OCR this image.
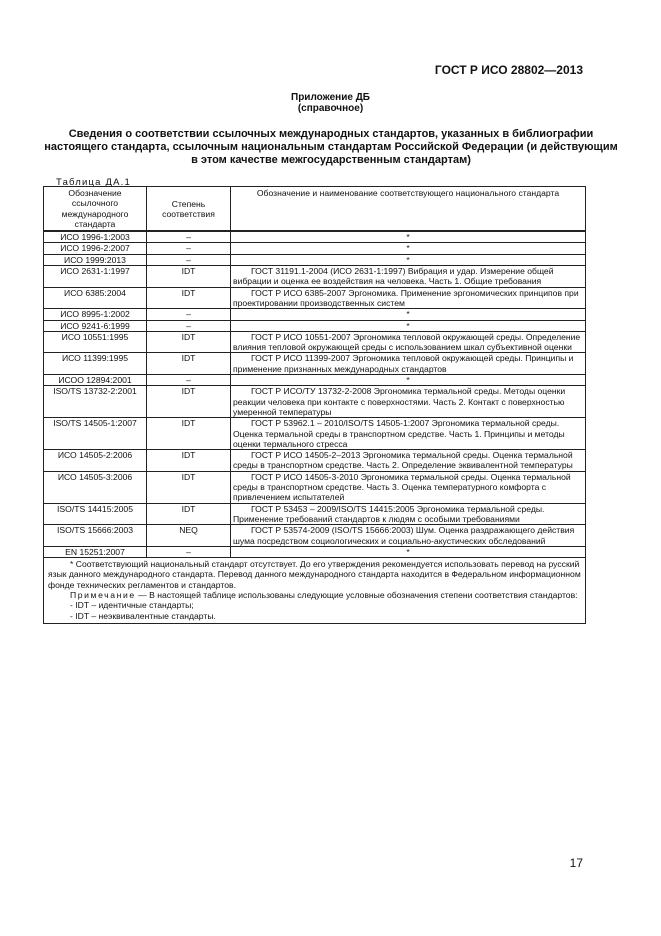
ГОСТ Р ИСО 28802—2013
Приложение ДБ
(справочное)
Сведения о соответствии ссылочных международных стандартов, указанных в библиографии настоящего стандарта, ссылочным национальным стандартам Российской Федерации (и действующим в этом качестве межгосударственным стандартам)
Таблица ДА.1
Обозначение ссылочного международного стандарта	Степень соответствия	Обозначение и наименование соответствующего национального стандарта
ИСО 1996-1:2003	–	*
ИСО 1996-2:2007	–	*
ИСО 1999:2013	–	*
ИСО 2631-1:1997	IDT	ГОСТ 31191.1-2004 (ИСО 2631-1:1997) Вибрация и удар. Измерение общей вибрации и оценка ее воздействия на человека. Часть 1. Общие требования
ИСО 6385:2004	IDT	ГОСТ Р ИСО 6385-2007 Эргономика. Применение эргономических принципов при проектировании производственных систем
ИСО 8995-1:2002	–	*
ИСО 9241-6:1999	–	*
ИСО 10551:1995	IDT	ГОСТ Р ИСО 10551-2007 Эргономика тепловой окружающей среды. Определение влияния тепловой окружающей среды с использованием шкал субъективной оценки
ИСО 11399:1995	IDT	ГОСТ Р ИСО 11399-2007 Эргономика тепловой окружающей среды. Принципы и применение признанных международных стандартов
ИСОО 12894:2001	–	*
ISO/TS 13732-2:2001	IDT	ГОСТ Р ИСО/ТУ 13732-2-2008 Эргономика термальной среды. Методы оценки реакции человека при контакте с поверхностями. Часть 2. Контакт с поверхностью умеренной температуры
ISO/TS 14505-1:2007	IDT	ГОСТ Р 53962.1 – 2010/ISO/TS 14505-1:2007 Эргономика термальной среды. Оценка термальной среды в транспортном средстве. Часть 1. Принципы и методы оценки термального стресса
ИСО 14505-2:2006	IDT	ГОСТ Р ИСО 14505-2–2013 Эргономика термальной среды. Оценка термальной среды в транспортном средстве. Часть 2. Определение эквивалентной температуры
ИСО 14505-3:2006	IDT	ГОСТ Р ИСО 14505-3-2010 Эргономика термальной среды. Оценка термальной среды в транспортном средстве. Часть 3. Оценка температурного комфорта с привлечением испытателей
ISO/TS 14415:2005	IDT	ГОСТ Р 53453 – 2009/ISO/TS 14415:2005 Эргономика термальной среды. Применение требований стандартов к людям с особыми требованиями
ISO/TS 15666:2003	NEQ	ГОСТ Р 53574-2009 (ISO/TS 15666:2003) Шум. Оценка раздражающего действия шума посредством социологических и социально-акустических обследований
EN 15251:2007	–	*

* Соответствующий национальный стандарт отсутствует. До его утверждения рекомендуется использовать перевод на русский язык данного международного стандарта. Перевод данного международного стандарта находится в Федеральном информационном фонде технических регламентов и стандартов.
Примечание — В настоящей таблице использованы следующие условные обозначения степени соответствия стандартов:
- IDT – идентичные стандарты;
- IDT – неэквивалентные стандарты.		
17
